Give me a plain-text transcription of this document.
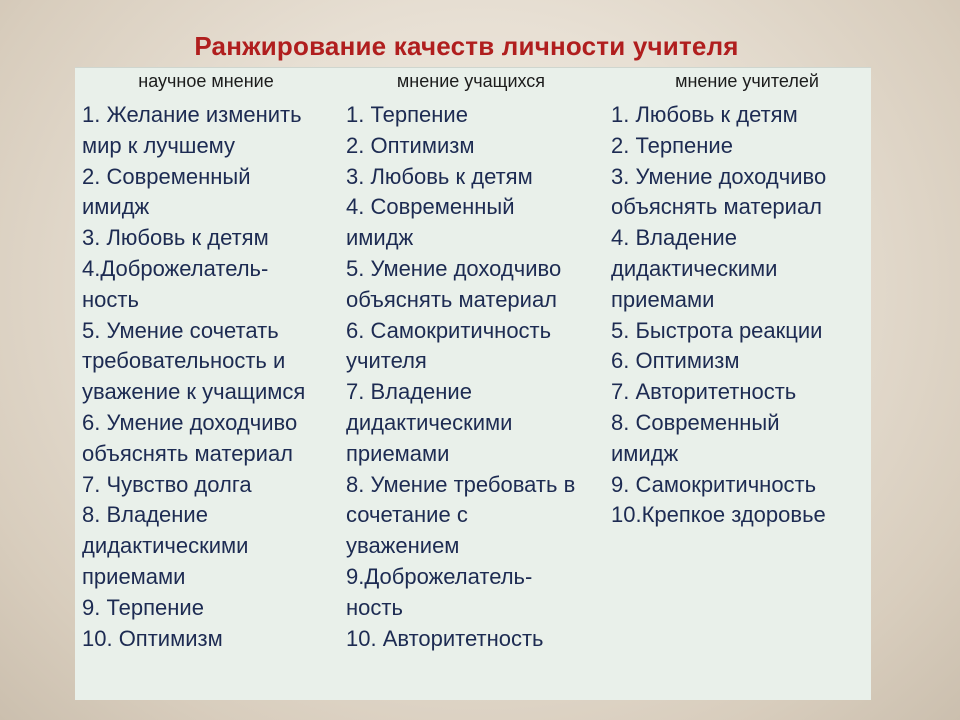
Ранжирование качеств личности учителя
научное мнение	мнение учащихся	мнение учителей
1. Желание изменить
мир к лучшему
2. Современный
имидж
3. Любовь к детям
4.Доброжелатель-
ность
5. Умение сочетать
требовательность и
уважение к учащимся
6. Умение доходчиво
объяснять материал
7. Чувство долга
8. Владение
дидактическими
приемами
9. Терпение
10. Оптимизм
1. Терпение
2. Оптимизм
3. Любовь к детям
4. Современный
имидж
5. Умение доходчиво
объяснять материал
6. Самокритичность
учителя
7. Владение
дидактическими
приемами
8. Умение требовать в
сочетание с
уважением
9.Доброжелатель-
ность
10. Авторитетность
1. Любовь к детям
2. Терпение
3. Умение доходчиво
объяснять материал
4. Владение
дидактическими
приемами
5. Быстрота реакции
6. Оптимизм
7. Авторитетность
8. Современный
имидж
9. Самокритичность
10.Крепкое здоровье
